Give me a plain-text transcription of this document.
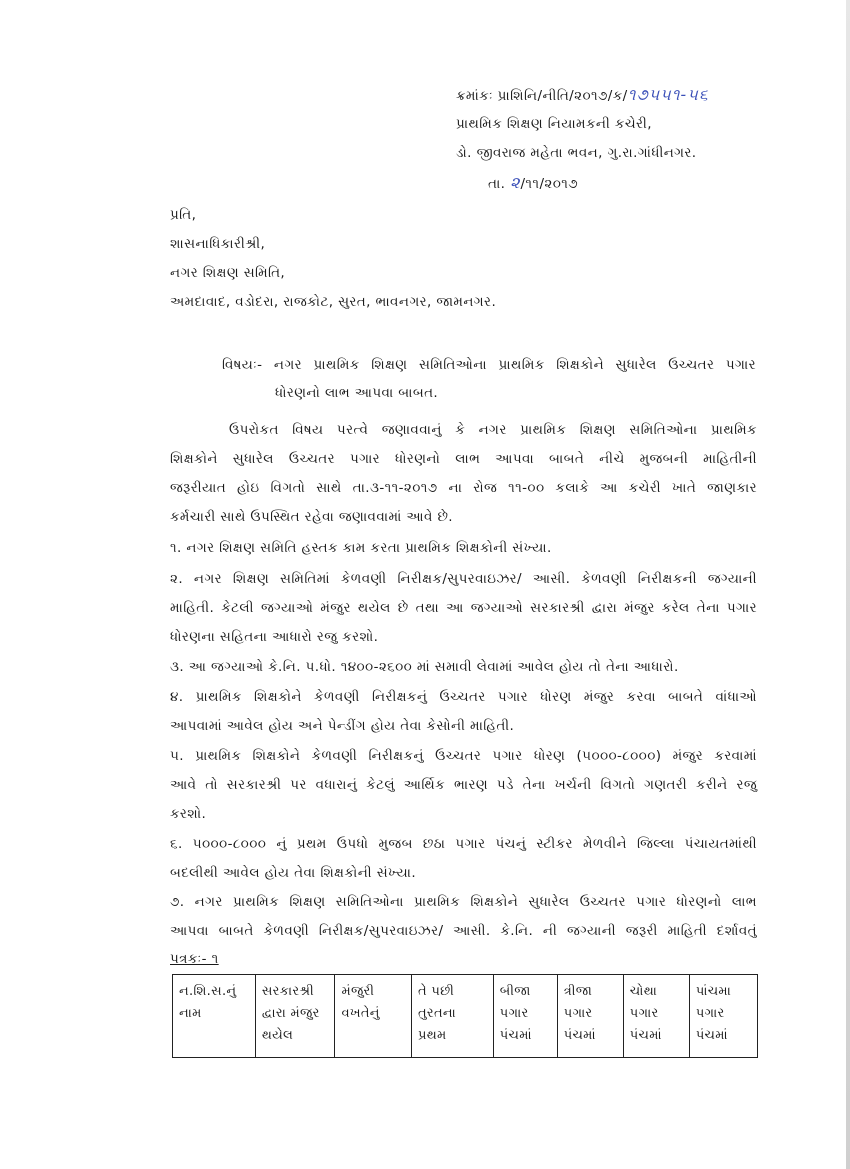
ક્રમાંકઃ પ્રાશિનિ/નીતિ/૨૦૧૭/ક/૧૭૫૫૧-૫૬
પ્રાથમિક શિક્ષણ નિયામકની કચેરી,
ડો. જીવરાજ મહેતા ભવન, ગુ.રા.ગાંધીનગર.
તા. ૨/૧૧/૨૦૧૭
પ્રતિ,
શાસનાધિકારીશ્રી,
નગર શિક્ષણ સમિતિ,
અમદાવાદ, વડોદરા, રાજકોટ, સુરત, ભાવનગર, જામનગર.
વિષયઃ- નગર પ્રાથમિક શિક્ષણ સમિતિઓના પ્રાથમિક શિક્ષકોને સુધારેલ ઉચ્ચતર પગાર
ધોરણનો લાભ આપવા બાબત.
ઉપરોકત વિષય પરત્વે જણાવવાનું કે નગર પ્રાથમિક શિક્ષણ સમિતિઓના પ્રાથમિક
શિક્ષકોને સુધારેલ ઉચ્ચતર પગાર ધોરણનો લાભ આપવા બાબતે નીચે મુજબની માહિતીની
જરૂરીયાત હોઇ વિગતો સાથે તા.૩-૧૧-૨૦૧૭ ના રોજ ૧૧-૦૦ કલાકે આ કચેરી ખાતે જાણકાર
કર્મચારી સાથે ઉપસ્થિત રહેવા જણાવવામાં આવે છે.
૧. નગર શિક્ષણ સમિતિ હસ્તક કામ કરતા પ્રાથમિક શિક્ષકોની સંખ્યા.
૨. નગર શિક્ષણ સમિતિમાં કેળવણી નિરીક્ષક/સુપરવાઇઝર/ આસી. કેળવણી નિરીક્ષકની જગ્યાની
માહિતી. કેટલી જગ્યાઓ મંજુર થયેલ છે તથા આ જગ્યાઓ સરકારશ્રી દ્વારા મંજુર કરેલ તેના પગાર
ધોરણના સહિતના આધારો રજુ કરશો.
૩. આ જગ્યાઓ કે.નિ. પ.ધો. ૧૪૦૦-૨૬૦૦ માં સમાવી લેવામાં આવેલ હોય તો તેના આધારો.
૪. પ્રાથમિક શિક્ષકોને કેળવણી નિરીક્ષકનું ઉચ્ચતર પગાર ધોરણ મંજુર કરવા બાબતે વાંધાઓ
આપવામાં આવેલ હોય અને પેન્ડીંગ હોય તેવા કેસોની માહિતી.
૫. પ્રાથમિક શિક્ષકોને કેળવણી નિરીક્ષકનું ઉચ્ચતર પગાર ધોરણ (૫૦૦૦-૮૦૦૦) મંજુર કરવામાં
આવે તો સરકારશ્રી પર વધારાનું કેટલું આર્થિક ભારણ પડે તેના ખર્ચની વિગતો ગણતરી કરીને રજુ
કરશો.
૬. ૫૦૦૦-૮૦૦૦ નું પ્રથમ ઉપધો મુજબ છઠા પગાર પંચનું સ્ટીકર મેળવીને જિલ્લા પંચાયતમાંથી
બદલીથી આવેલ હોય તેવા શિક્ષકોની સંખ્યા.
૭. નગર પ્રાથમિક શિક્ષણ સમિતિઓના પ્રાથમિક શિક્ષકોને સુધારેલ ઉચ્ચતર પગાર ધોરણનો લાભ
આપવા બાબતે કેળવણી નિરીક્ષક/સુપરવાઇઝર/ આસી. કે.નિ. ની જગ્યાની જરૂરી માહિતી દર્શાવતું
પત્રકઃ- ૧
ન.શિ.સ.નું
નામ

સરકારશ્રી
દ્વારા મંજુર
થયેલ

મંજુરી
વખતેનું

તે પછી
તુરતના
પ્રથમ

બીજા
પગાર
પંચમાં

ત્રીજા
પગાર
પંચમાં

ચોથા
પગાર
પંચમાં

પાંચમા
પગાર
પંચમાં
